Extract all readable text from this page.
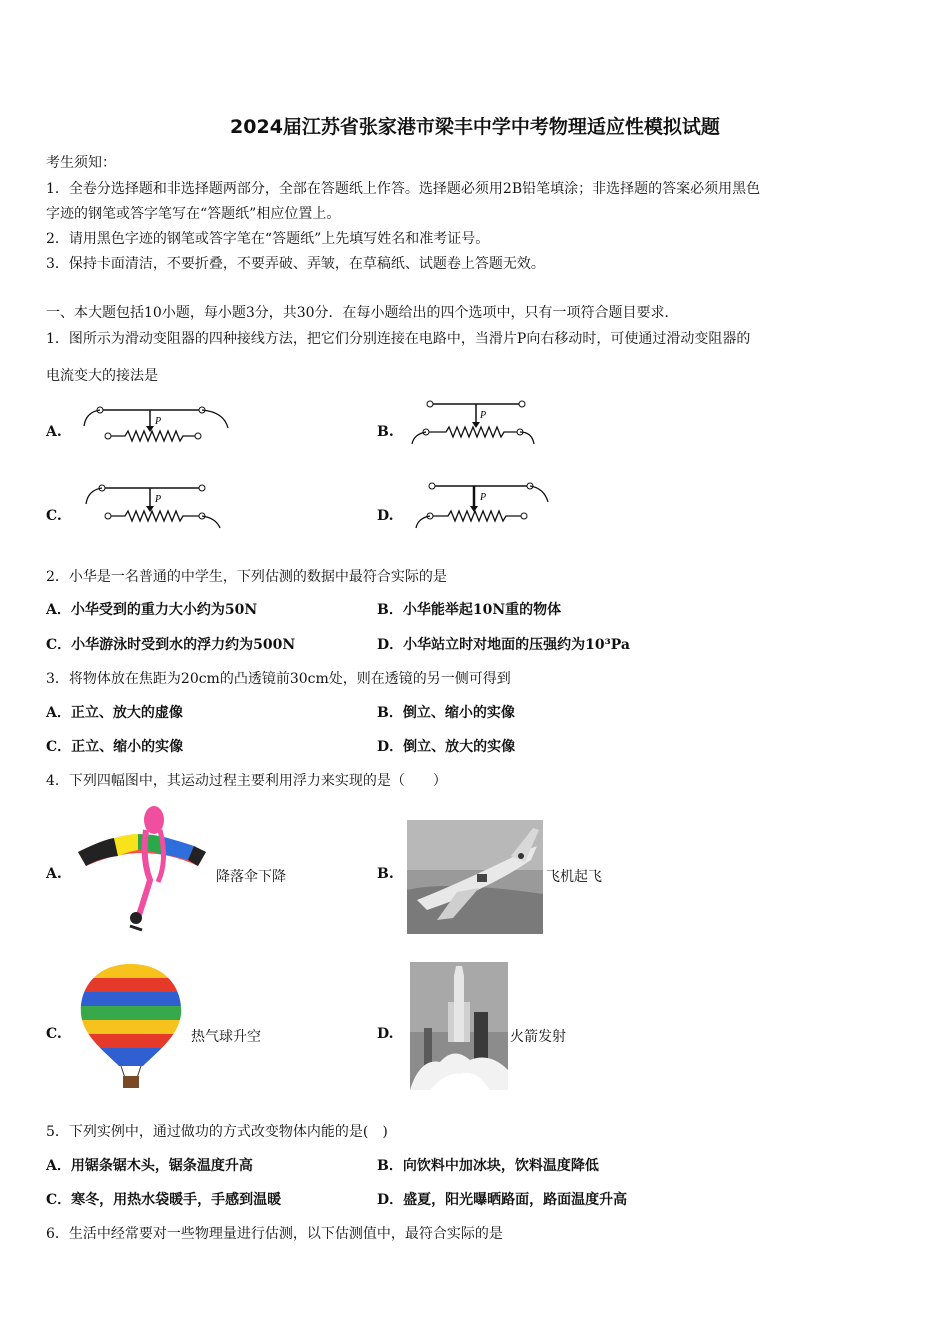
2024届江苏省张家港市梁丰中学中考物理适应性模拟试题
考生须知：
1．全卷分选择题和非选择题两部分，全部在答题纸上作答。选择题必须用2B铅笔填涂；非选择题的答案必须用黑色
字迹的钢笔或答字笔写在“答题纸”相应位置上。
2．请用黑色字迹的钢笔或答字笔在“答题纸”上先填写姓名和准考证号。
3．保持卡面清洁，不要折叠，不要弄破、弄皱，在草稿纸、试题卷上答题无效。
一、本大题包括10小题，每小题3分，共30分．在每小题给出的四个选项中，只有一项符合题目要求．
1．图所示为滑动变阻器的四种接线方法，把它们分别连接在电路中，当滑片P向右移动时，可使通过滑动变阻器的
电流变大的接法是
A.
P
B.
P
C.
P
D.
P
2．小华是一名普通的中学生，下列估测的数据中最符合实际的是
A．小华受到的重力大小约为50N	B．小华能举起10N重的物体
C．小华游泳时受到水的浮力约为500N	D．小华站立时对地面的压强约为10³Pa
3．将物体放在焦距为20cm的凸透镜前30cm处，则在透镜的另一侧可得到
A．正立、放大的虚像	B．倒立、缩小的实像
C．正立、缩小的实像	D．倒立、放大的实像
4．下列四幅图中，其运动过程主要利用浮力来实现的是（　　）
A.	降落伞下降	B.	飞机起飞
C.	热气球升空	D.	火箭发射
5．下列实例中，通过做功的方式改变物体内能的是(　)
A．用锯条锯木头，锯条温度升高	B．向饮料中加冰块，饮料温度降低
C．寒冬，用热水袋暖手，手感到温暖	D．盛夏，阳光曝晒路面，路面温度升高
6．生活中经常要对一些物理量进行估测，以下估测值中，最符合实际的是
